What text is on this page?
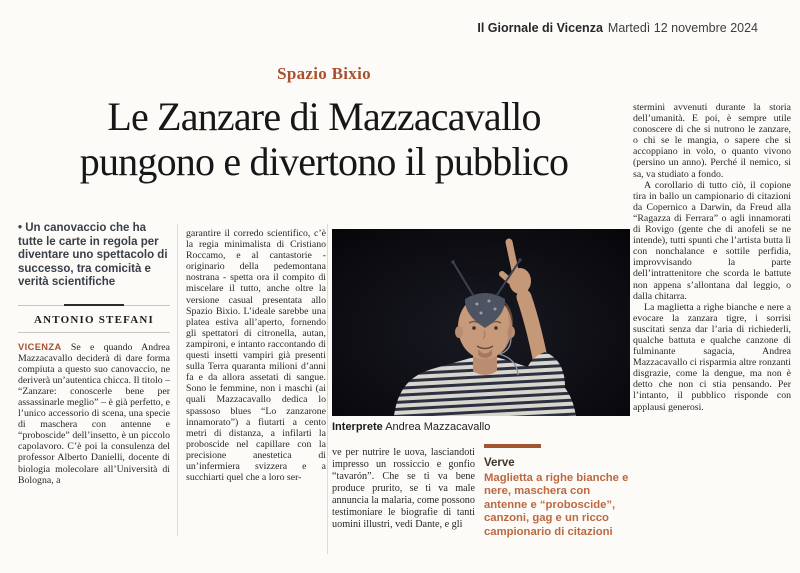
Il Giornale di Vicenza Martedì 12 novembre 2024
Spazio Bixio
Le Zanzare di Mazzacavallo
pungono e divertono il pubblico

• Un canovaccio che ha tutte le carte in regola per diventare uno spettacolo di successo, tra comicità e verità scientifiche

ANTONIO STEFANI

VICENZA Se e quando Andrea Mazzacavallo deciderà di dare forma compiuta a questo suo canovaccio, ne deriverà un’autentica chicca. Il titolo – “Zanzare: conoscerle bene per assassinarle meglio” – è già perfetto, e l’unico accessorio di scena, una specie di maschera con antenne e “proboscide” dell’insetto, è un piccolo capolavoro. C’è poi la consulenza del professor Alberto Danielli, docente di biologia molecolare all’Università di Bologna, a

garantire il corredo scientifico, c’è la regia minimalista di Cristiano Roccamo, e al cantastorie - originario della pedemontana nostrana - spetta ora il compito di miscelare il tutto, anche oltre la versione casual presentata allo Spazio Bixio. L’ideale sarebbe una platea estiva all’aperto, fornendo gli spettatori di citronella, autan, zampironi, e intanto raccontando di questi insetti vampiri già presenti sulla Terra quaranta milioni d’anni fa e da allora assetati di sangue. Sono le femmine, non i maschi (ai quali Mazzacavallo dedica lo spassoso blues “Lo zanzarone innamorato”) a fiutarti a cento metri di distanza, a infilarti la proboscide nel capillare con la precisione anestetica di un’infermiera svizzera e a succhiarti quel che a loro ser-

Interprete Andrea Mazzacavallo

ve per nutrire le uova, lasciandoti impresso un rossiccio e gonfio “tavarón”. Che se ti va bene produce prurito, se ti va male annuncia la malaria, come possono testimoniare le biografie di tanti uomini illustri, vedi Dante, e gli

Verve
Maglietta a righe bianche e nere, maschera con antenne e “proboscide”, canzoni, gag e un ricco campionario di citazioni

stermini avvenuti durante la storia dell’umanità. E poi, è sempre utile conoscere di che si nutrono le zanzare, o chi se le mangia, o sapere che si accoppiano in volo, o quanto vivono (persino un anno). Perché il nemico, si sa, va studiato a fondo.

A corollario di tutto ciò, il copione tira in ballo un campionario di citazioni da Copernico a Darwin, da Freud alla “Ragazza di Ferrara” o agli innamorati di Rovigo (gente che di anofeli se ne intende), tutti spunti che l’artista butta lì con nonchalance e sottile perfidia, improvvisando la parte dell’intrattenitore che scorda le battute non appena s’allontana dal leggio, o dalla chitarra.

La maglietta a righe bianche e nere a evocare la zanzara tigre, i sorrisi suscitati senza dar l’aria di richiederli, qualche battuta e qualche canzone di fulminante sagacia, Andrea Mazzacavallo ci risparmia altre ronzanti disgrazie, come la dengue, ma non è detto che non ci stia pensando. Per l’intanto, il pubblico risponde con applausi generosi.
